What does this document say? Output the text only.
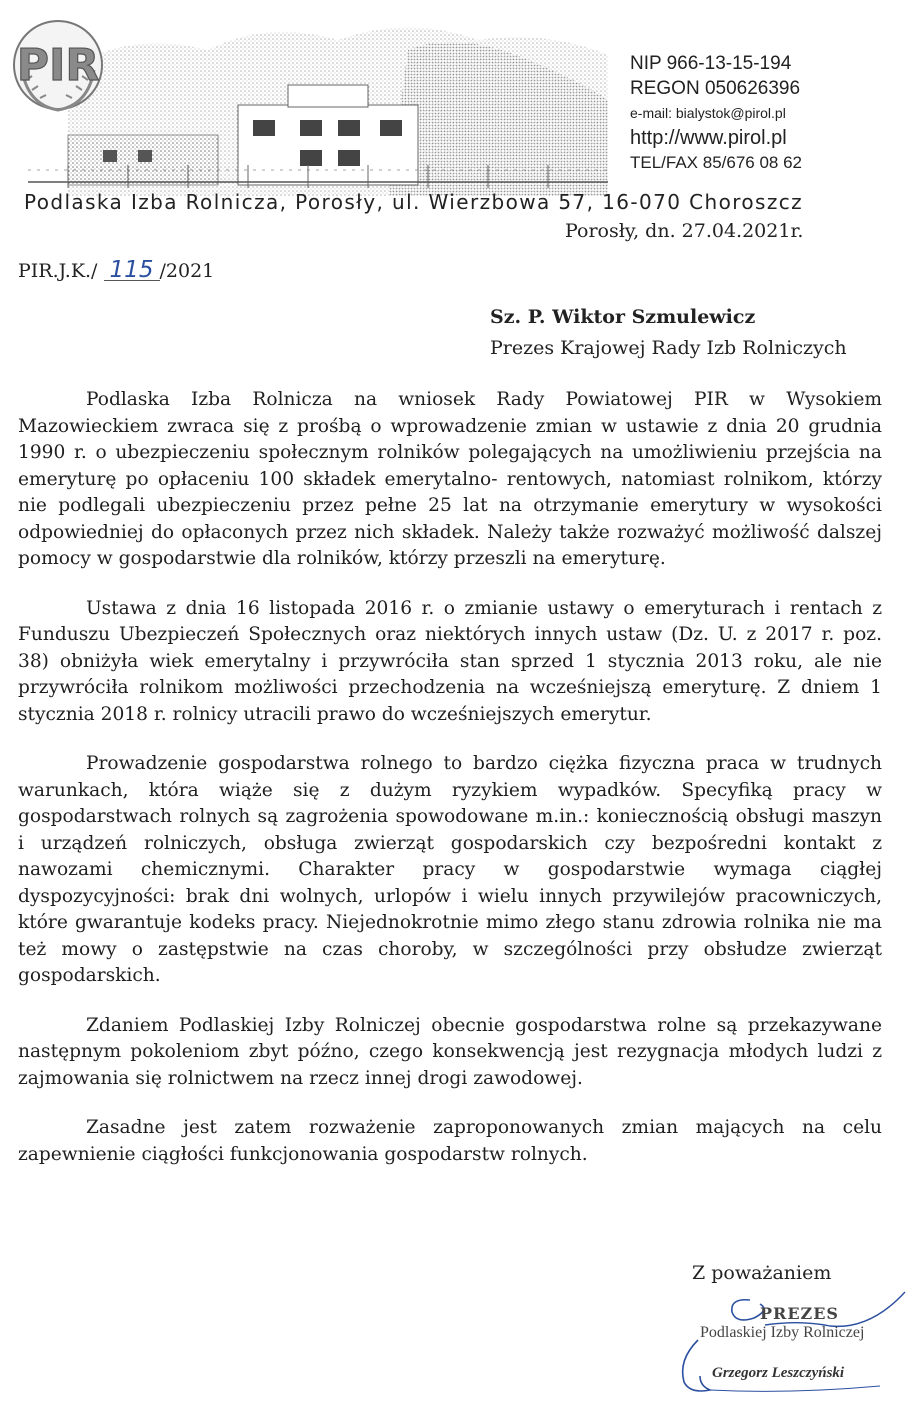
PIR	NIP 966-13-15-194
REGON 050626396
e-mail: bialystok@pirol.pl
http://www.pirol.pl
TEL/FAX 85/676 08 62
Podlaska Izba Rolnicza, Porosły, ul. Wierzbowa 57, 16-070 Choroszcz
Porosły, dn. 27.04.2021r.
PIR.J.K./ 115 /2021
Sz. P. Wiktor Szmulewicz
Prezes Krajowej Rady Izb Rolniczych

Podlaska Izba Rolnicza na wniosek Rady Powiatowej PIR w Wysokiem Mazowieckiem zwraca się z prośbą o wprowadzenie zmian w ustawie z dnia 20 grudnia 1990 r. o ubezpieczeniu społecznym rolników polegających na umożliwieniu przejścia na emeryturę po opłaceniu 100 składek emerytalno- rentowych, natomiast rolnikom, którzy nie podlegali ubezpieczeniu przez pełne 25 lat na otrzymanie emerytury w wysokości odpowiedniej do opłaconych przez nich składek. Należy także rozważyć możliwość dalszej pomocy w gospodarstwie dla rolników, którzy przeszli na emeryturę.

Ustawa z dnia 16 listopada 2016 r. o zmianie ustawy o emeryturach i rentach z Funduszu Ubezpieczeń Społecznych oraz niektórych innych ustaw (Dz. U. z 2017 r. poz. 38) obniżyła wiek emerytalny i przywróciła stan sprzed 1 stycznia 2013 roku, ale nie przywróciła rolnikom możliwości przechodzenia na wcześniejszą emeryturę. Z dniem 1 stycznia 2018 r. rolnicy utracili prawo do wcześniejszych emerytur.

Prowadzenie gospodarstwa rolnego to bardzo ciężka fizyczna praca w trudnych warunkach, która wiąże się z dużym ryzykiem wypadków. Specyfiką pracy w gospodarstwach rolnych są zagrożenia spowodowane m.in.: koniecznością obsługi maszyn i urządzeń rolniczych, obsługa zwierząt gospodarskich czy bezpośredni kontakt z nawozami chemicznymi. Charakter pracy w gospodarstwie wymaga ciągłej dyspozycyjności: brak dni wolnych, urlopów i wielu innych przywilejów pracowniczych, które gwarantuje kodeks pracy. Niejednokrotnie mimo złego stanu zdrowia rolnika nie ma też mowy o zastępstwie na czas choroby, w szczególności przy obsłudze zwierząt gospodarskich.

Zdaniem Podlaskiej Izby Rolniczej obecnie gospodarstwa rolne są przekazywane następnym pokoleniom zbyt późno, czego konsekwencją jest rezygnacja młodych ludzi z zajmowania się rolnictwem na rzecz innej drogi zawodowej.

Zasadne jest zatem rozważenie zaproponowanych zmian mających na celu zapewnienie ciągłości funkcjonowania gospodarstw rolnych.

Z poważaniem
PREZES
Podlaskiej Izby Rolniczej
Grzegorz Leszczyński
